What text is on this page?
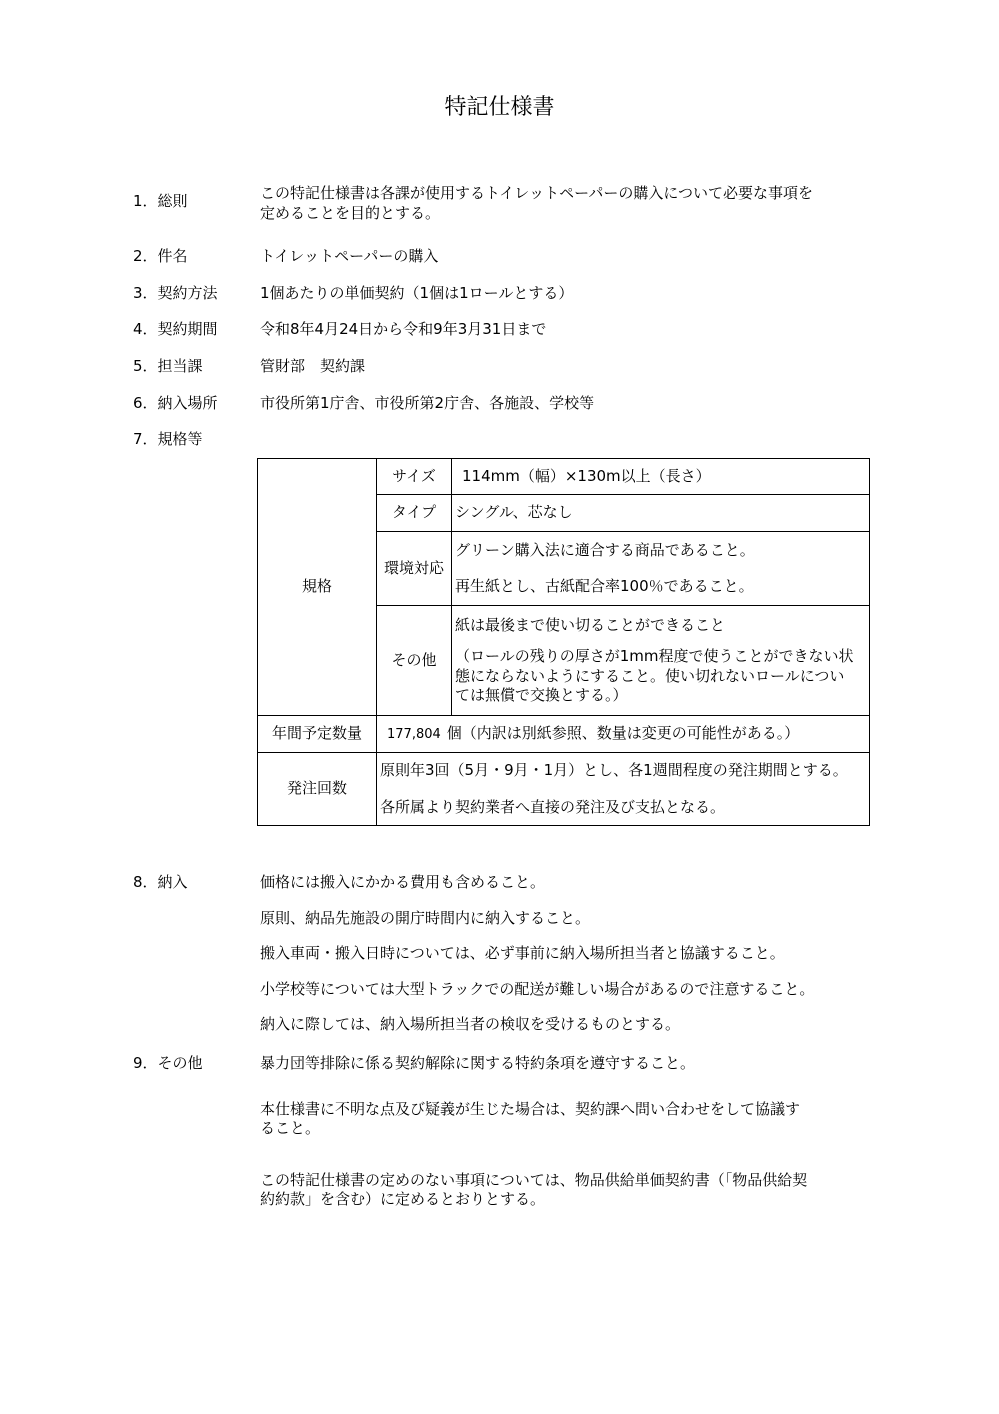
特記仕様書
1．総則	この特記仕様書は各課が使用するトイレットペーパーの購入について必要な事項を
定めることを目的とする。
2．件名	トイレットペーパーの購入
3．契約方法	1個あたりの単価契約（1個は1ロールとする）
4．契約期間	令和8年4月24日から令和9年3月31日まで
5．担当課	管財部　契約課
6．納入場所	市役所第1庁舎、市役所第2庁舎、各施設、学校等
7．規格等
規格	サイズ	114mm（幅）×130m以上（長さ）
	タイプ	シングル、芯なし
	環境対応	グリーン購入法に適合する商品であること。

再生紙とし、古紙配合率100％であること。

	その他	紙は最後まで使い切ることができること

（ロールの残りの厚さが1mm程度で使うことができない状

態にならないようにすること。使い切れないロールについ

ては無償で交換とする。）

年間予定数量	177,804 個（内訳は別紙参照、数量は変更の可能性がある。）	
発注回数	原則年3回（5月・9月・1月）とし、各1週間程度の発注期間とする。

各所属より契約業者へ直接の発注及び支払となる。	

8．納入	価格には搬入にかかる費用も含めること。
原則、納品先施設の開庁時間内に納入すること。
搬入車両・搬入日時については、必ず事前に納入場所担当者と協議すること。
小学校等については大型トラックでの配送が難しい場合があるので注意すること。
納入に際しては、納入場所担当者の検収を受けるものとする。
9．その他	暴力団等排除に係る契約解除に関する特約条項を遵守すること。
本仕様書に不明な点及び疑義が生じた場合は、契約課へ問い合わせをして協議す
ること。
この特記仕様書の定めのない事項については、物品供給単価契約書（「物品供給契
約約款」を含む）に定めるとおりとする。
